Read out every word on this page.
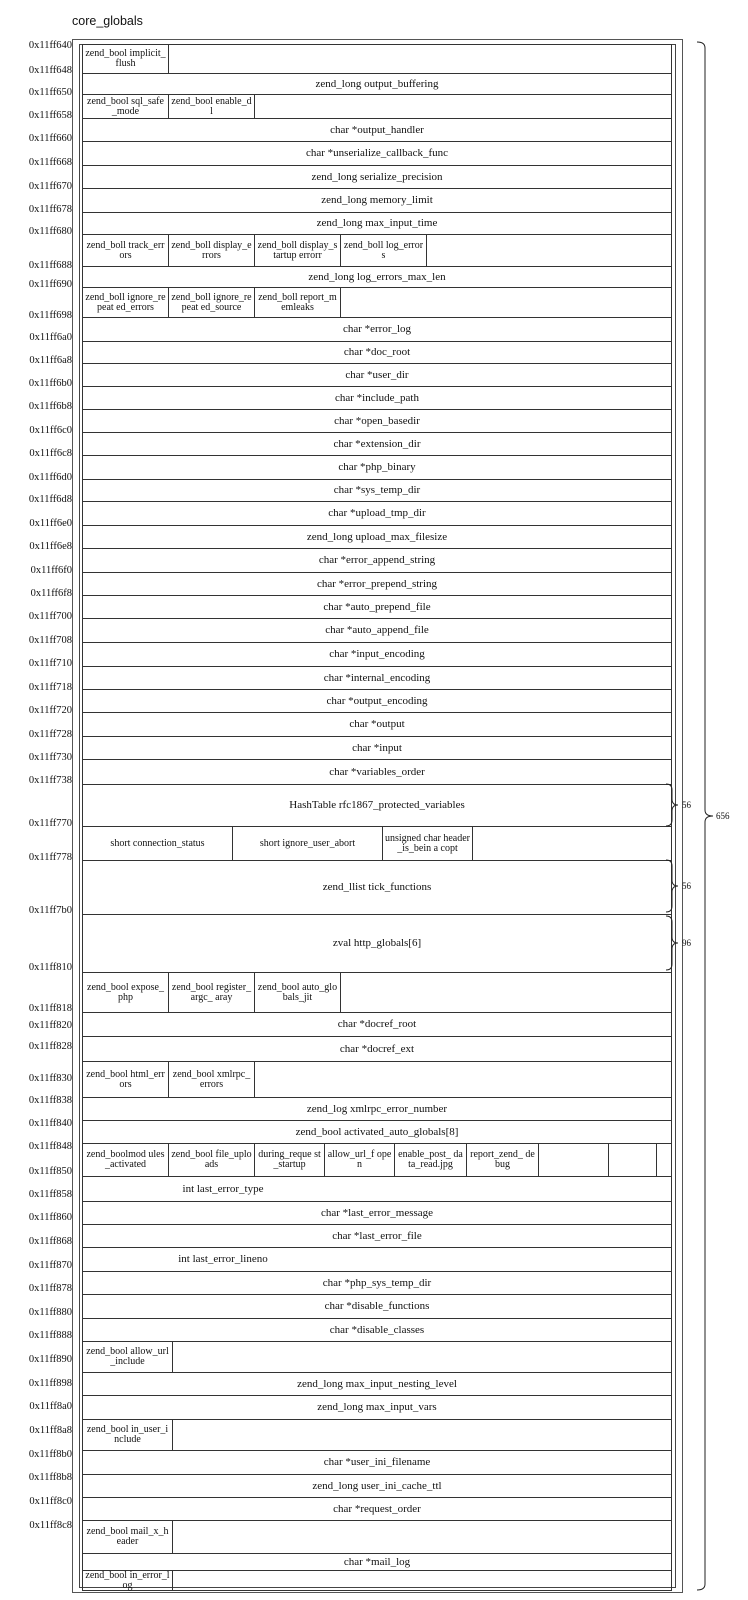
core_globals
zend_bool implicit_flush
zend_long output_buffering
zend_bool sql_safe_mode
zend_bool enable_dl
char *output_handler
char *unserialize_callback_func
zend_long serialize_precision
zend_long memory_limit
zend_long max_input_time
zend_boll track_errors
zend_boll display_errors
zend_boll display_startup errorr
zend_boll log_errors
zend_long log_errors_max_len
zend_boll ignore_repeat ed_errors
zend_boll ignore_repeat ed_source
zend_boll report_memleaks
char *error_log
char *doc_root
char *user_dir
char *include_path
char *open_basedir
char *extension_dir
char *php_binary
char *sys_temp_dir
char *upload_tmp_dir
zend_long upload_max_filesize
char *error_append_string
char *error_prepend_string
char *auto_prepend_file
char *auto_append_file
char *input_encoding
char *internal_encoding
char *output_encoding
char *output
char *input
char *variables_order
HashTable rfc1867_protected_variables
short connection_status	short ignore_user_abort	unsigned char header_is_bein a copt
zend_llist tick_functions
zval http_globals[6]
zend_bool expose_php
zend_bool register_argc_ aray
zend_bool auto_globals_jit
char *docref_root
char *docref_ext
zend_bool html_errors
zend_bool xmlrpc_errors
zend_log xmlrpc_error_number
zend_bool activated_auto_globals[8]
zend_boolmod ules_activated
zend_bool file_uploads
during_reque st_startup
allow_url_f open
enable_post_ data_read.jpg
report_zend_ debug
int last_error_type
char *last_error_message
char *last_error_file
int last_error_lineno
char *php_sys_temp_dir
char *disable_functions
char *disable_classes
zend_bool allow_url_include
zend_long max_input_nesting_level
zend_long max_input_vars
zend_bool in_user_include
char *user_ini_filename
zend_long user_ini_cache_ttl
char *request_order
zend_bool mail_x_header
char *mail_log
zend_bool in_error_log
0x11ff640
0x11ff648
0x11ff650
0x11ff658
0x11ff660
0x11ff668
0x11ff670
0x11ff678
0x11ff680
0x11ff688
0x11ff690
0x11ff698
0x11ff6a0
0x11ff6a8
0x11ff6b0
0x11ff6b8
0x11ff6c0
0x11ff6c8
0x11ff6d0
0x11ff6d8
0x11ff6e0
0x11ff6e8
0x11ff6f0
0x11ff6f8
0x11ff700
0x11ff708
0x11ff710
0x11ff718
0x11ff720
0x11ff728
0x11ff730
0x11ff738
0x11ff770
0x11ff778
0x11ff7b0
0x11ff810
0x11ff818
0x11ff820
0x11ff828
0x11ff830
0x11ff838
0x11ff840
0x11ff848
0x11ff850
0x11ff858
0x11ff860
0x11ff868
0x11ff870
0x11ff878
0x11ff880
0x11ff888
0x11ff890
0x11ff898
0x11ff8a0
0x11ff8a8
0x11ff8b0
0x11ff8b8
0x11ff8c0
0x11ff8c8
56
56
96
656
